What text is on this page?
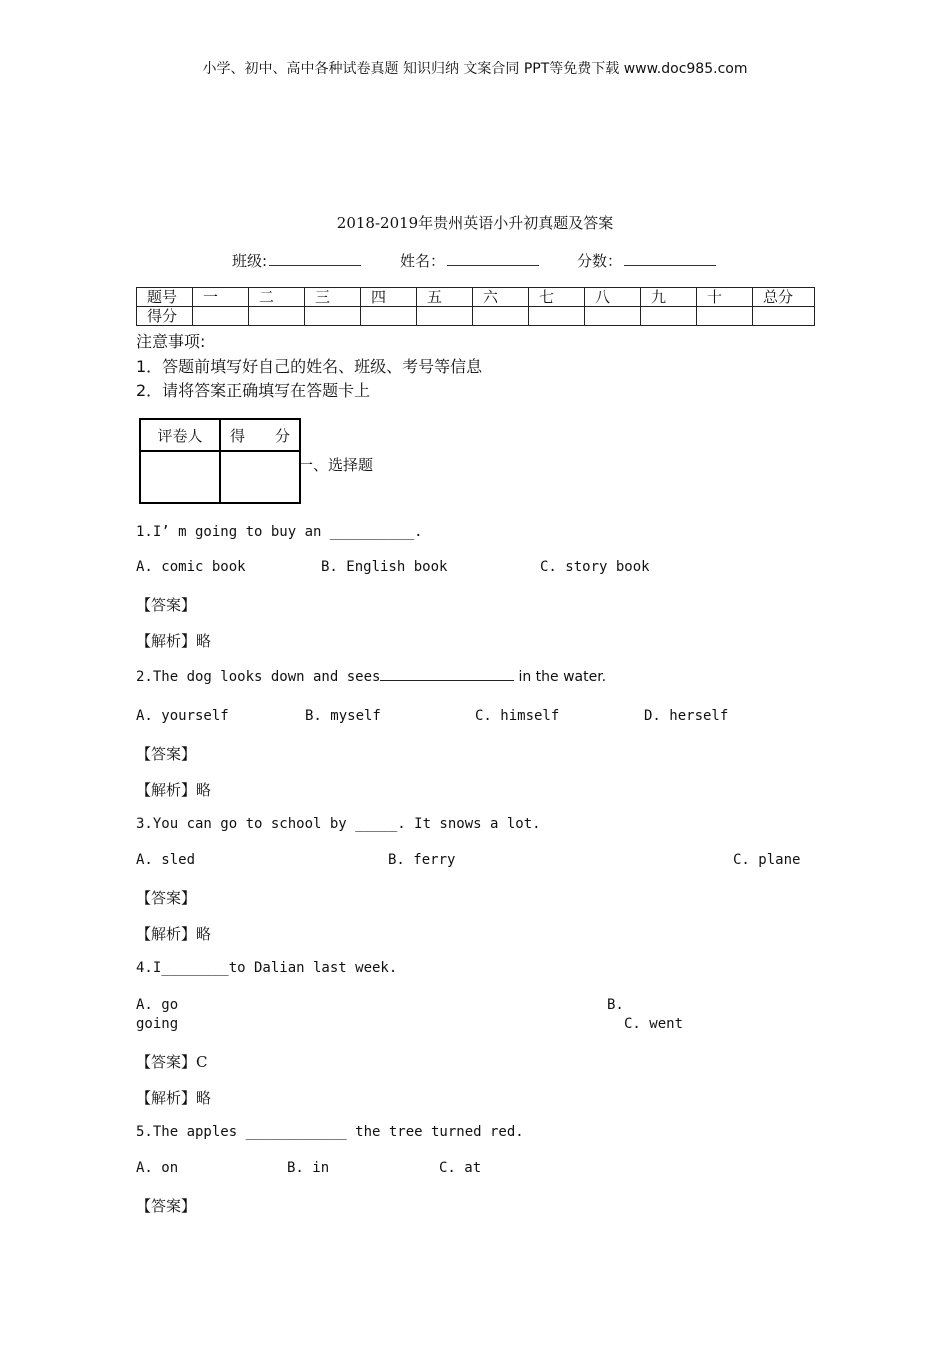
小学、初中、高中各种试卷真题 知识归纳 文案合同 PPT等免费下载 www.doc985.com
2018-2019年贵州英语小升初真题及答案
班级:	姓名：	分数：
题号	一	二	三	四	五	六	七	八	九	十	总分
得分											
注意事项:
1．答题前填写好自己的姓名、班级、考号等信息
2．请将答案正确填写在答题卡上
评卷人	得　　分

一、选择题
1.I’ m going to buy an __________.
A. comic book	B. English book	C. story book
【答案】
【解析】略
2.The dog looks down and sees	in the water.
A. yourself	B. myself	C. himself	D. herself
【答案】
【解析】略
3.You can go to school by _____. It snows a lot.
A. sled	B. ferry	C. plane
【答案】
【解析】略
4.I________to Dalian last week.
A. go	B.
going	C. went
【答案】C
【解析】略
5.The apples ____________ the tree turned red.
A. on	B. in	C. at
【答案】
